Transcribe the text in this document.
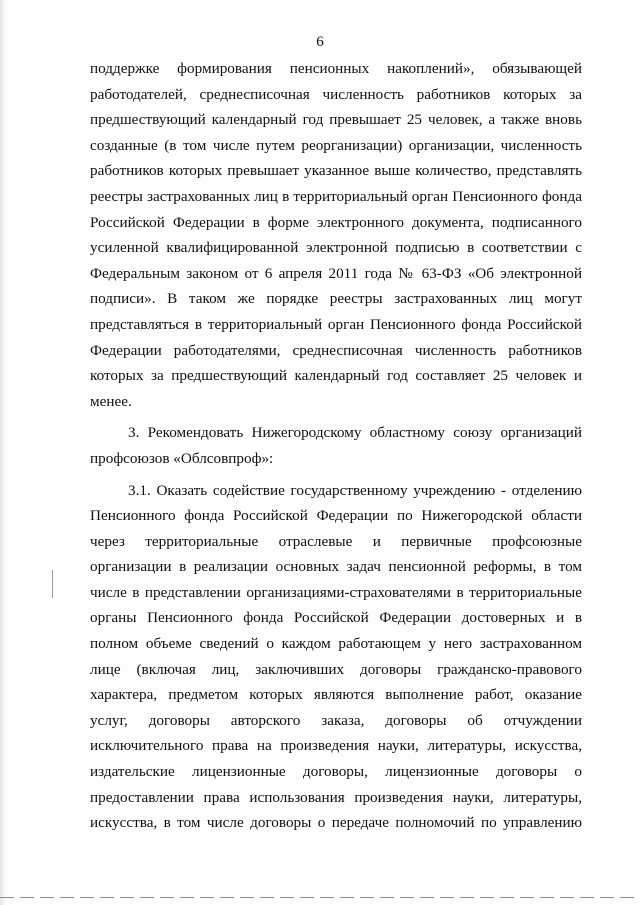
6
поддержке формирования пенсионных накоплений», обязывающей
работодателей, среднесписочная численность работников которых за
предшествующий календарный год превышает 25 человек, а также вновь
созданные (в том числе путем реорганизации) организации, численность
работников которых превышает указанное выше количество, представлять
реестры застрахованных лиц в территориальный орган Пенсионного фонда
Российской Федерации в форме электронного документа, подписанного
усиленной квалифицированной электронной подписью в соответствии с
Федеральным законом от 6 апреля 2011 года № 63-ФЗ «Об электронной
подписи». В таком же порядке реестры застрахованных лиц могут
представляться в территориальный орган Пенсионного фонда Российской
Федерации работодателями, среднесписочная численность работников
которых за предшествующий календарный год составляет 25 человек и
менее.
3. Рекомендовать Нижегородскому областному союзу организаций
профсоюзов «Облсовпроф»:
3.1. Оказать содействие государственному учреждению - отделению
Пенсионного фонда Российской Федерации по Нижегородской области
через территориальные отраслевые и первичные профсоюзные
организации в реализации основных задач пенсионной реформы, в том
числе в представлении организациями-страхователями в территориальные
органы Пенсионного фонда Российской Федерации достоверных и в
полном объеме сведений о каждом работающем у него застрахованном
лице (включая лиц, заключивших договоры гражданско-правового
характера, предметом которых являются выполнение работ, оказание
услуг, договоры авторского заказа, договоры об отчуждении
исключительного права на произведения науки, литературы, искусства,
издательские лицензионные договоры, лицензионные договоры о
предоставлении права использования произведения науки, литературы,
искусства, в том числе договоры о передаче полномочий по управлению
